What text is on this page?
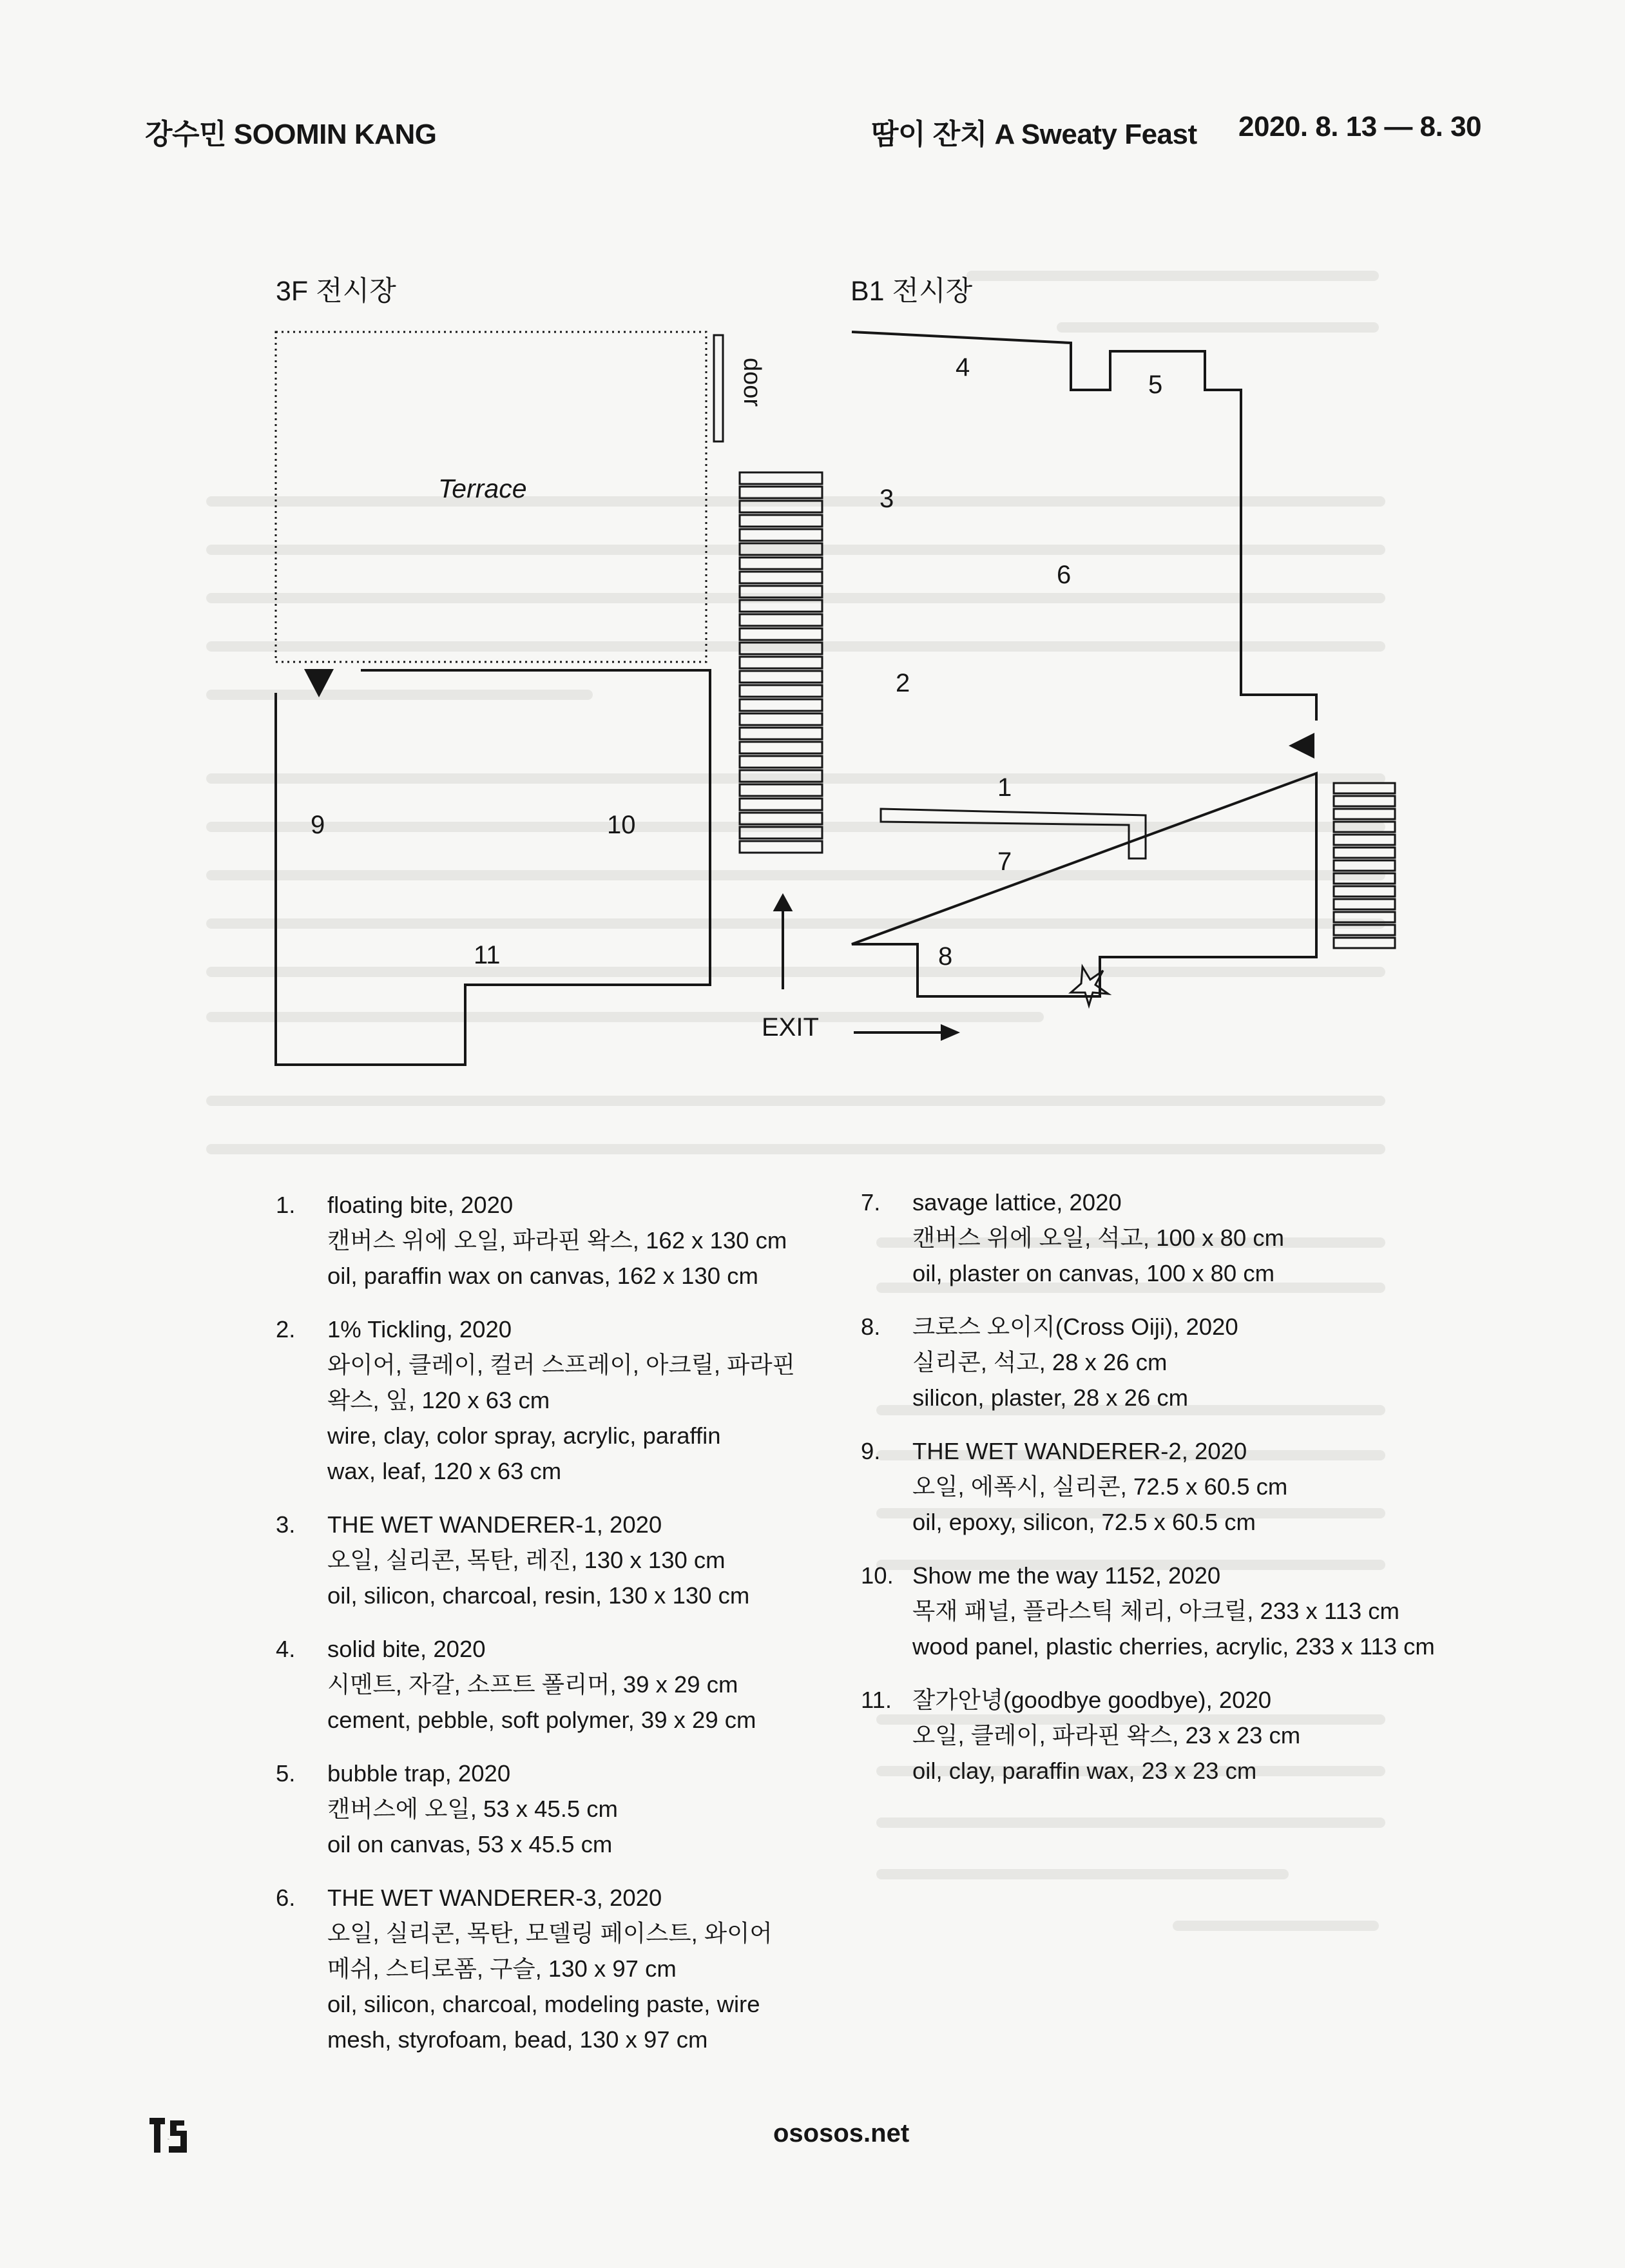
강수민 SOOMIN KANG	땀이 잔치 A Sweaty Feast 2020. 8. 13 — 8. 30
3F 전시장	B1 전시장
Terrace
door
EXIT
1
2
3
4
5
6
7
8
9	10
11
1. floating bite, 2020
캔버스 위에 오일, 파라핀 왁스, 162 x 130 cm
oil, paraffin wax on canvas, 162 x 130 cm
2. 1% Tickling, 2020
와이어, 클레이, 컬러 스프레이, 아크릴, 파라핀
왁스, 잎, 120 x 63 cm
wire, clay, color spray, acrylic, paraffin
wax, leaf, 120 x 63 cm
3. THE WET WANDERER-1, 2020
오일, 실리콘, 목탄, 레진, 130 x 130 cm
oil, silicon, charcoal, resin, 130 x 130 cm
4. solid bite, 2020
시멘트, 자갈, 소프트 폴리머, 39 x 29 cm
cement, pebble, soft polymer, 39 x 29 cm
5. bubble trap, 2020
캔버스에 오일, 53 x 45.5 cm
oil on canvas, 53 x 45.5 cm
6. THE WET WANDERER-3, 2020
오일, 실리콘, 목탄, 모델링 페이스트, 와이어
메쉬, 스티로폼, 구슬, 130 x 97 cm
oil, silicon, charcoal, modeling paste, wire
mesh, styrofoam, bead, 130 x 97 cm
7. savage lattice, 2020
캔버스 위에 오일, 석고, 100 x 80 cm
oil, plaster on canvas, 100 x 80 cm
8. 크로스 오이지(Cross Oiji), 2020
실리콘, 석고, 28 x 26 cm
silicon, plaster, 28 x 26 cm
9. THE WET WANDERER-2, 2020
오일, 에폭시, 실리콘, 72.5 x 60.5 cm
oil, epoxy, silicon, 72.5 x 60.5 cm
10. Show me the way 1152, 2020
목재 패널, 플라스틱 체리, 아크릴, 233 x 113 cm
wood panel, plastic cherries, acrylic, 233 x 113 cm
11. 잘가안녕(goodbye goodbye), 2020
오일, 클레이, 파라핀 왁스, 23 x 23 cm
oil, clay, paraffin wax, 23 x 23 cm
TS	ososos.net
